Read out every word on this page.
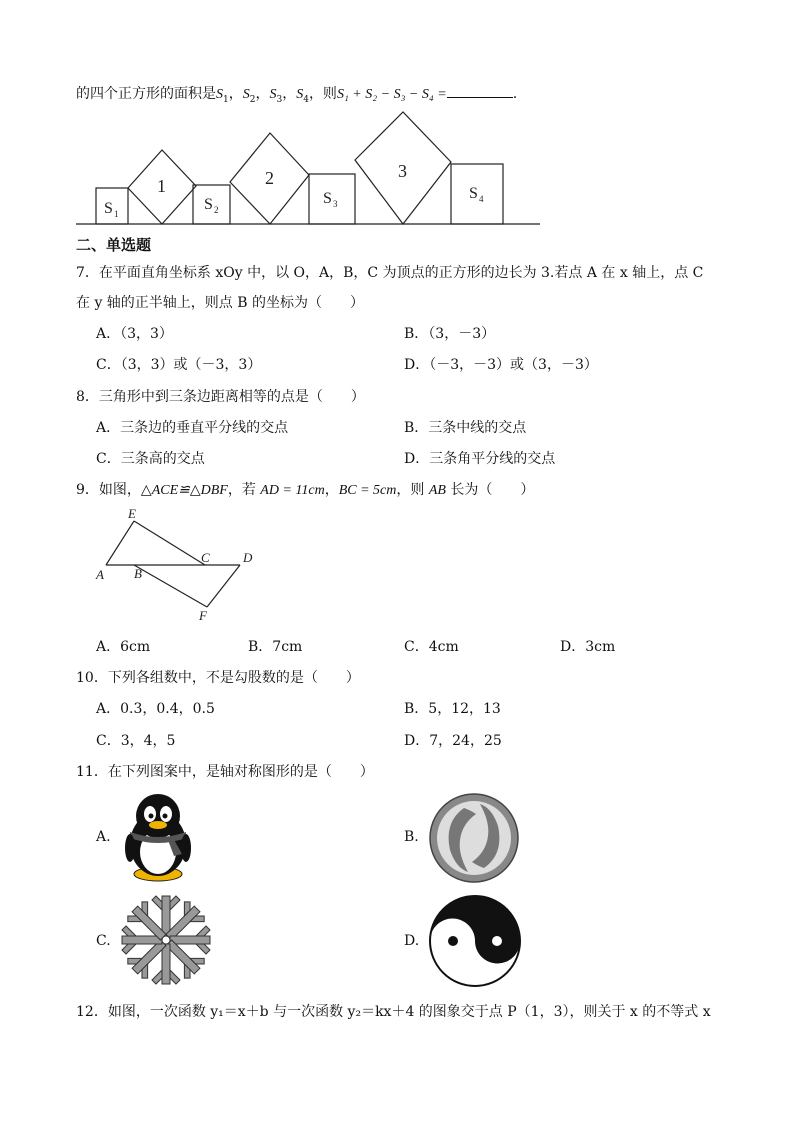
的四个正方形的面积是$S_1$，$S_2$，$S_3$，$S_4$，则S₁ + S₂ − S₃ − S₄ =	.
1	2	3
S 1
S 2
S 3
S 4
二、单选题
7．在平面直角坐标系 xOy 中，以 O，A，B，C 为顶点的正方形的边长为 3.若点 A 在 x 轴上，点 C
在 y 轴的正半轴上，则点 B 的坐标为（　　）
A．（3，3）	B．（3，－3）
C．（3，3）或（－3，3）	D．（－3，－3）或（3，－3）
8．三角形中到三条边距离相等的点是（　　）
A．三条边的垂直平分线的交点	B．三条中线的交点
C．三条高的交点	D．三条角平分线的交点
9．如图，△ACE≌△DBF，若 AD = 11cm，BC = 5cm，则 AB 长为（　　）
E
A B
C	D
F
A．6cm	B．7cm	C．4cm	D．3cm
10．下列各组数中，不是勾股数的是（　　）
A．0.3，0.4，0.5	B．5，12，13
C．3，4，5	D．7，24，25
11．在下列图案中，是轴对称图形的是（　　）
A.	B.
C.	D.
12．如图，一次函数 y₁＝x＋b 与一次函数 y₂＝kx＋4 的图象交于点 P（1，3），则关于 x 的不等式 x
